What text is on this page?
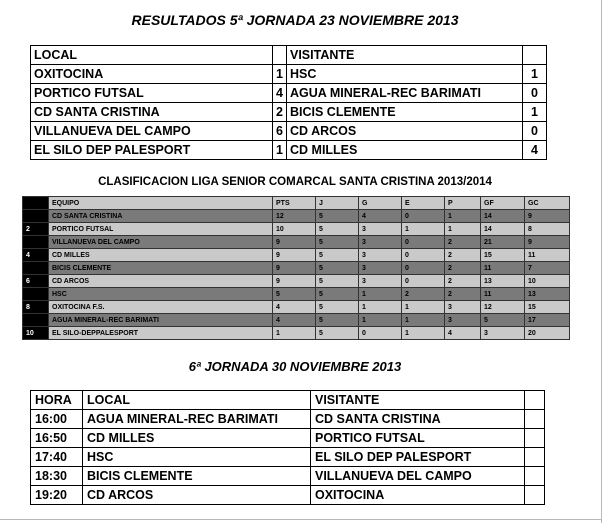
RESULTADOS 5ª JORNADA 23 NOVIEMBRE 2013
LOCAL		VISITANTE	
OXITOCINA	1	HSC	1
PORTICO FUTSAL	4	AGUA MINERAL-REC BARIMATI	0
CD SANTA CRISTINA	2	BICIS CLEMENTE	1
VILLANUEVA DEL CAMPO	6	CD ARCOS	0
EL SILO DEP PALESPORT	1	CD MILLES	4
CLASIFICACION LIGA SENIOR COMARCAL SANTA CRISTINA 2013/2014
	EQUIPO	PTS	J	G	E	P	GF	GC
1	CD SANTA CRISTINA	12	5	4	0	1	14	9
2	PORTICO FUTSAL	10	5	3	1	1	14	8
3	VILLANUEVA DEL CAMPO	9	5	3	0	2	21	9
4	CD MILLES	9	5	3	0	2	15	11
5	BICIS CLEMENTE	9	5	3	0	2	11	7
6	CD ARCOS	9	5	3	0	2	13	10
7	HSC	5	5	1	2	2	11	13
8	OXITOCINA F.S.	4	5	1	1	3	12	15
9	AGUA MINERAL-REC BARIMATI	4	5	1	1	3	5	17
10	EL SILO-DEPPALESPORT	1	5	0	1	4	3	20
6ª JORNADA 30 NOVIEMBRE 2013
HORA	LOCAL	VISITANTE	
16:00	AGUA MINERAL-REC BARIMATI	CD SANTA CRISTINA	
16:50	CD MILLES	PORTICO FUTSAL	
17:40	HSC	EL SILO DEP PALESPORT	
18:30	BICIS CLEMENTE	VILLANUEVA DEL CAMPO	
19:20	CD ARCOS	OXITOCINA	
